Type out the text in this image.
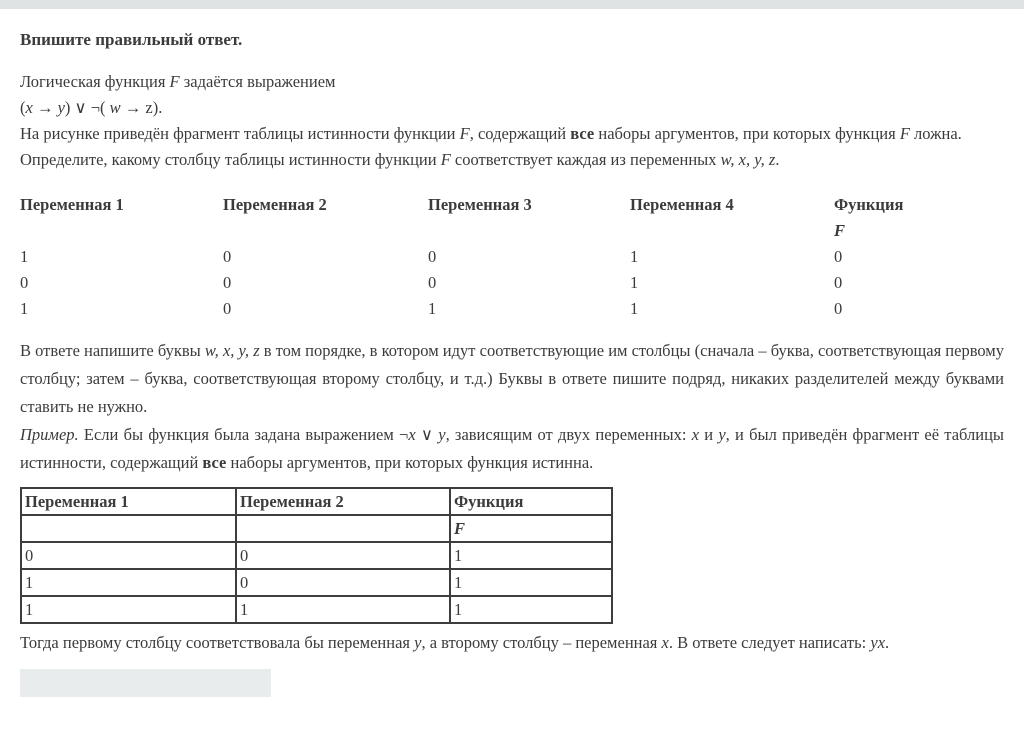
Впишите правильный ответ.
Логическая функция F задаётся выражением
(x → y) ∨ ¬( w → z).
На рисунке приведён фрагмент таблицы истинности функции F, содержащий все наборы аргументов, при которых функция F ложна.
Определите, какому столбцу таблицы истинности функции F соответствует каждая из переменных w, x, y, z.
Переменная 1	Переменная 2	Переменная 3	Переменная 4	Функция
				F
1	0	0	1	0
0	0	0	1	0
1	0	1	1	0
В ответе напишите буквы w, x, y, z в том порядке, в котором идут соответствующие им столбцы (сначала – буква, соответствующая первому столбцу; затем – буква, соответствующая второму столбцу, и т.д.) Буквы в ответе пишите подряд, никаких разделителей между буквами ставить не нужно.
Пример. Если бы функция была задана выражением ¬x ∨ y, зависящим от двух переменных: x и y, и был приведён фрагмент её таблицы истинности, содержащий все наборы аргументов, при которых функция истинна.
Переменная 1	Переменная 2	Функция
		F
0	0	1
1	0	1
1	1	1
Тогда первому столбцу соответствовала бы переменная y, а второму столбцу – переменная x. В ответе следует написать: yx.
